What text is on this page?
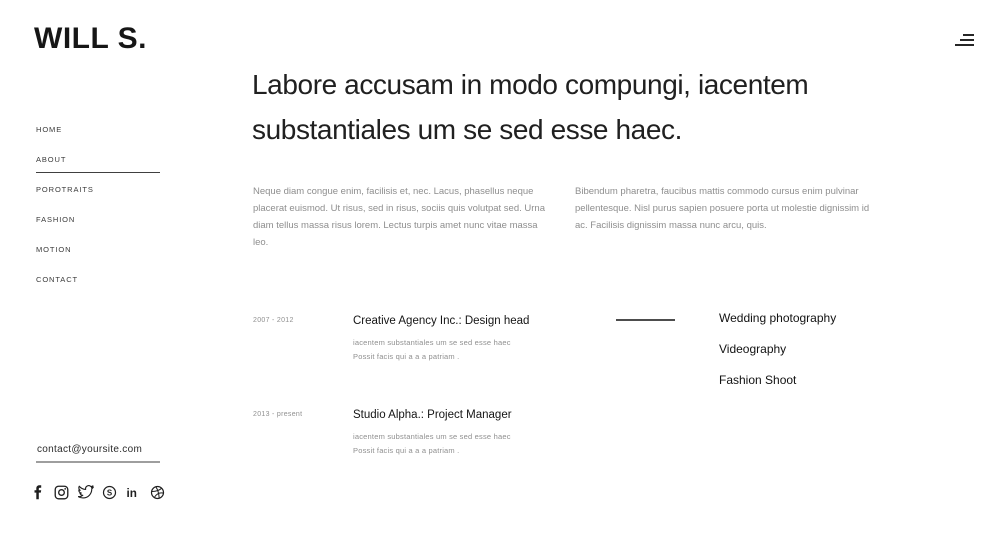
WILL S.
HOME
ABOUT
POROTRAITS
FASHION
MOTION
CONTACT
contact@yoursite.com
S in
Labore accusam in modo compungi, iacentem
substantiales um se sed esse haec.

Neque diam congue enim, facilisis et, nec. Lacus, phasellus neque placerat euismod. Ut risus, sed in risus, sociis quis volutpat sed. Urna diam tellus massa risus lorem. Lectus turpis amet nunc vitae massa leo.

Bibendum pharetra, faucibus mattis commodo cursus enim pulvinar pellentesque. Nisl purus sapien posuere porta ut molestie dignissim id ac. Facilisis dignissim massa nunc arcu, quis.

2007 - 2012	Creative Agency Inc.: Design head
iacentem substantiales um se sed esse haec
Possit facis qui a a a patriam .
2013 - present	Studio Alpha.: Project Manager
iacentem substantiales um se sed esse haec
Possit facis qui a a a patriam .
Wedding photography
Videography
Fashion Shoot
